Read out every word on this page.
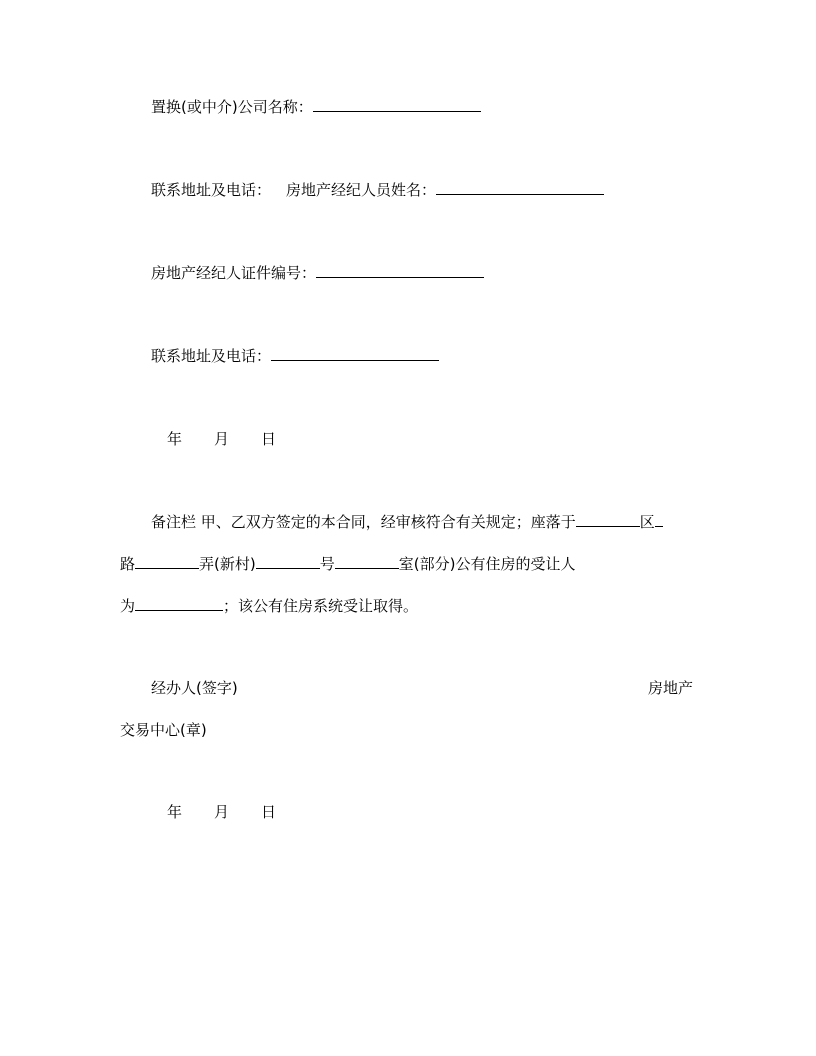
置换(或中介)公司名称：
联系地址及电话： 房地产经纪人员姓名：
房地产经纪人证件编号：
联系地址及电话：
年 月 日
备注栏 甲、乙双方签定的本合同，经审核符合有关规定；座落于	区
路	弄(新村)	号	室(部分)公有住房的受让人
为	；该公有住房系统受让取得。
经办人(签字)	房地产
交易中心(章)
年 月 日
